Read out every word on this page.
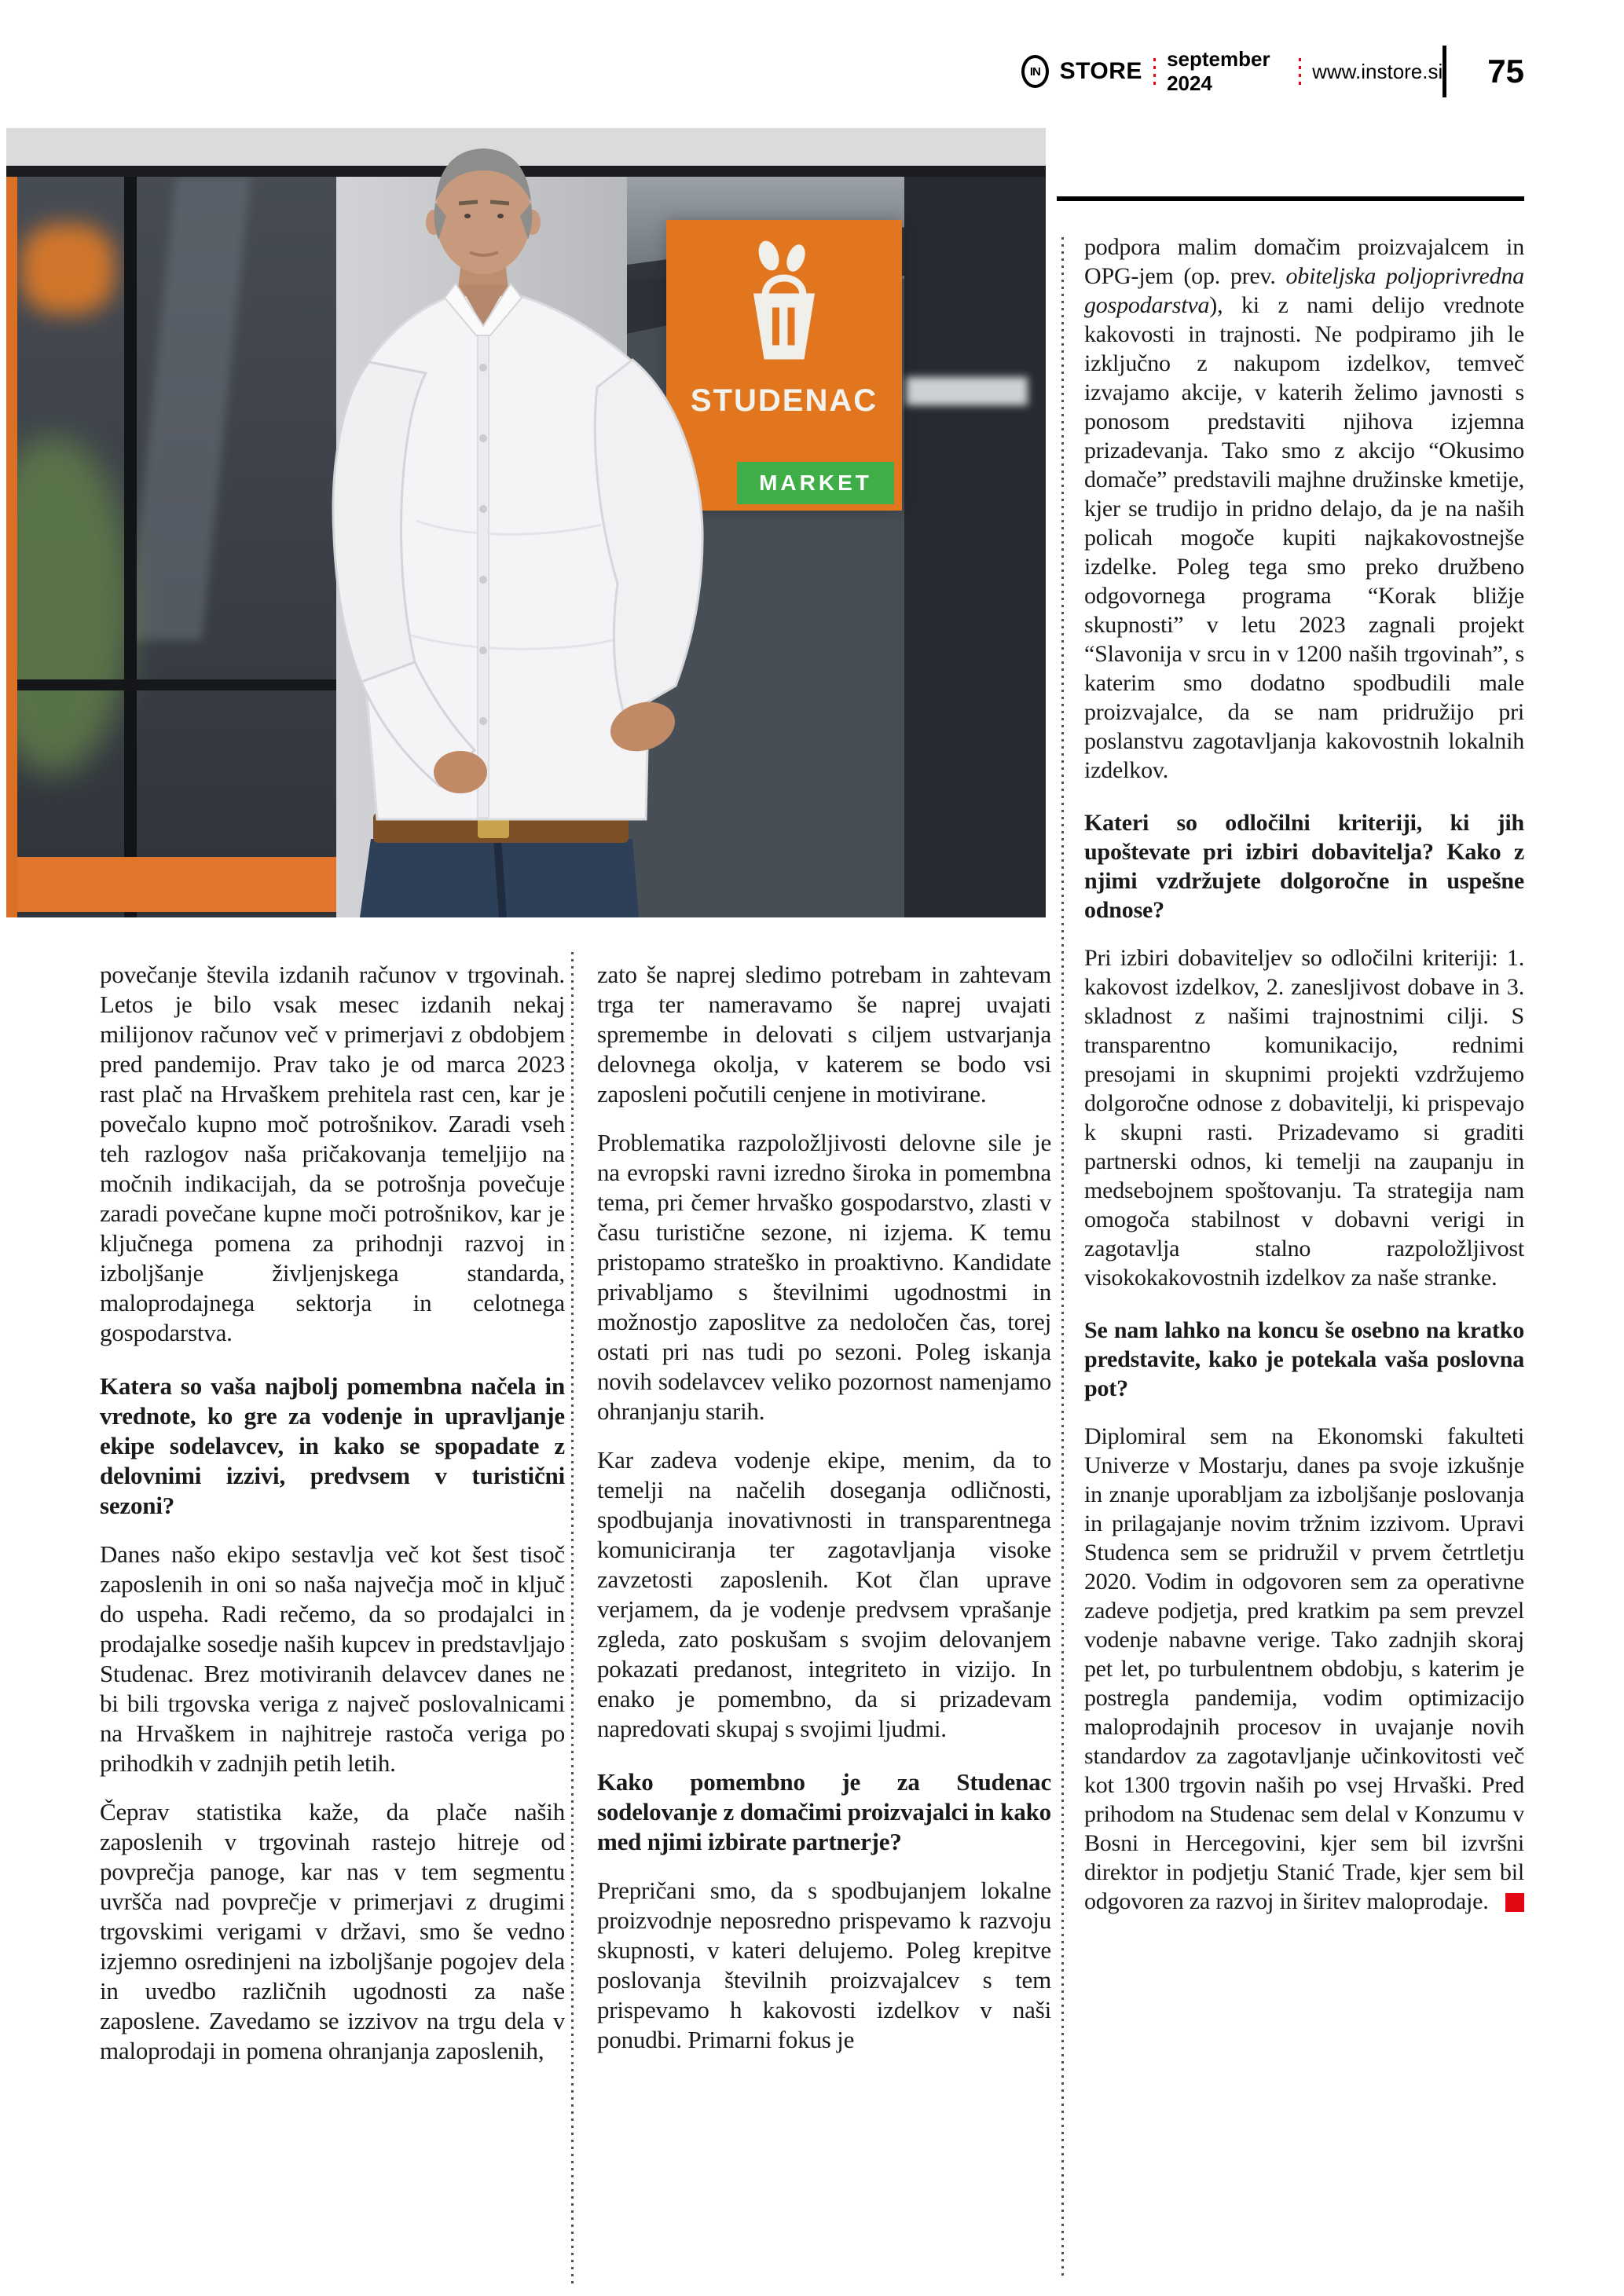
IN STORE september 2024
www.instore.si 75
STUDENAC
MARKET

povečanje števila izdanih računov v trgovinah. Letos je bilo vsak mesec izdanih nekaj milijonov računov več v primerjavi z obdobjem pred pandemijo. Prav tako je od marca 2023 rast plač na Hrvaškem prehitela rast cen, kar je povečalo kupno moč potrošnikov. Zaradi vseh teh razlogov naša pričakovanja temeljijo na močnih indikacijah, da se potrošnja povečuje zaradi povečane kupne moči potrošnikov, kar je ključnega pomena za prihodnji razvoj in izboljšanje življenjskega standarda, maloprodajnega sektorja in celotnega gospodarstva.

Katera so vaša najbolj pomembna načela in vrednote, ko gre za vodenje in upravljanje ekipe sodelavcev, in kako se spopadate z delovnimi izzivi, predvsem v turistični sezoni?

Danes našo ekipo sestavlja več kot šest tisoč zaposlenih in oni so naša največja moč in ključ do uspeha. Radi rečemo, da so prodajalci in prodajalke sosedje naših kupcev in predstavljajo Studenac. Brez motiviranih delavcev danes ne bi bili trgovska veriga z največ poslovalnicami na Hrvaškem in najhitreje rastoča veriga po prihodkih v zadnjih petih letih.

Čeprav statistika kaže, da plače naših zaposlenih v trgovinah rastejo hitreje od povprečja panoge, kar nas v tem segmentu uvršča nad povprečje v primerjavi z drugimi trgovskimi verigami v državi, smo še vedno izjemno osredinjeni na izboljšanje pogojev dela in uvedbo različnih ugodnosti za naše zaposlene. Zavedamo se izzivov na trgu dela v maloprodaji in pomena ohranjanja zaposlenih,

zato še naprej sledimo potrebam in zahtevam trga ter nameravamo še naprej uvajati spremembe in delovati s ciljem ustvarjanja delovnega okolja, v katerem se bodo vsi zaposleni počutili cenjene in motivirane.

Problematika razpoložljivosti delovne sile je na evropski ravni izredno široka in pomembna tema, pri čemer hrvaško gospodarstvo, zlasti v času turistične sezone, ni izjema. K temu pristopamo strateško in proaktivno. Kandidate privabljamo s številnimi ugodnostmi in možnostjo zaposlitve za nedoločen čas, torej ostati pri nas tudi po sezoni. Poleg iskanja novih sodelavcev veliko pozornost namenjamo ohranjanju starih.

Kar zadeva vodenje ekipe, menim, da to temelji na načelih doseganja odličnosti, spodbujanja inovativnosti in transparentnega komuniciranja ter zagotavljanja visoke zavzetosti zaposlenih. Kot član uprave verjamem, da je vodenje predvsem vprašanje zgleda, zato poskušam s svojim delovanjem pokazati predanost, integriteto in vizijo. In enako je pomembno, da si prizadevam napredovati skupaj s svojimi ljudmi.

Kako pomembno je za Studenac sodelovanje z domačimi proizvajalci in kako med njimi izbirate partnerje?

Prepričani smo, da s spodbujanjem lokalne proizvodnje neposredno prispevamo k razvoju skupnosti, v kateri delujemo. Poleg krepitve poslovanja številnih proizvajalcev s tem prispevamo h kakovosti izdelkov v naši ponudbi. Primarni fokus je

podpora malim domačim proizvajalcem in OPG-jem (op. prev. obiteljska poljoprivredna gospodarstva), ki z nami delijo vrednote kakovosti in trajnosti. Ne podpiramo jih le izključno z nakupom izdelkov, temveč izvajamo akcije, v katerih želimo javnosti s ponosom predstaviti njihova izjemna prizadevanja. Tako smo z akcijo “Okusimo domače” predstavili majhne družinske kmetije, kjer se trudijo in pridno delajo, da je na naših policah mogoče kupiti najkakovostnejše izdelke. Poleg tega smo preko družbeno odgovornega programa “Korak bližje skupnosti” v letu 2023 zagnali projekt “Slavonija v srcu in v 1200 naših trgovinah”, s katerim smo dodatno spodbudili male proizvajalce, da se nam pridružijo pri poslanstvu zagotavljanja kakovostnih lokalnih izdelkov.

Kateri so odločilni kriteriji, ki jih upoštevate pri izbiri dobavitelja? Kako z njimi vzdržujete dolgoročne in uspešne odnose?

Pri izbiri dobaviteljev so odločilni kriteriji: 1. kakovost izdelkov, 2. zanesljivost dobave in 3. skladnost z našimi trajnostnimi cilji. S transparentno komunikacijo, rednimi presojami in skupnimi projekti vzdržujemo dolgoročne odnose z dobavitelji, ki prispevajo k skupni rasti. Prizadevamo si graditi partnerski odnos, ki temelji na zaupanju in medsebojnem spoštovanju. Ta strategija nam omogoča stabilnost v dobavni verigi in zagotavlja stalno razpoložljivost visokokakovostnih izdelkov za naše stranke.

Se nam lahko na koncu še osebno na kratko predstavite, kako je potekala vaša poslovna pot?

Diplomiral sem na Ekonomski fakulteti Univerze v Mostarju, danes pa svoje izkušnje in znanje uporabljam za izboljšanje poslovanja in prilagajanje novim tržnim izzivom. Upravi Studenca sem se pridružil v prvem četrtletju 2020. Vodim in odgovoren sem za operativne zadeve podjetja, pred kratkim pa sem prevzel vodenje nabavne verige. Tako zadnjih skoraj pet let, po turbulentnem obdobju, s katerim je postregla pandemija, vodim optimizacijo maloprodajnih procesov in uvajanje novih standardov za zagotavljanje učinkovitosti več kot 1300 trgovin naših po vsej Hrvaški. Pred prihodom na Studenac sem delal v Konzumu v Bosni in Hercegovini, kjer sem bil izvršni direktor in podjetju Stanić Trade, kjer sem bil odgovoren za razvoj in širitev maloprodaje.
